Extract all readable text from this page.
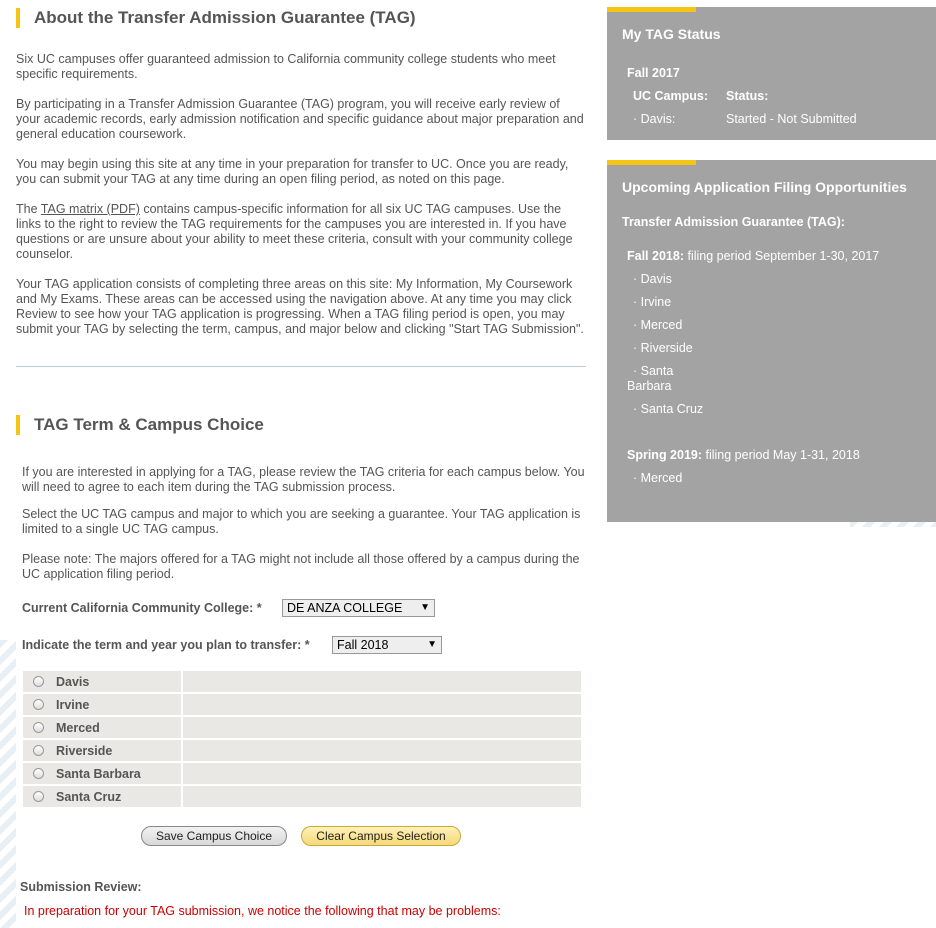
About the Transfer Admission Guarantee (TAG)

Six UC campuses offer guaranteed admission to California community college students who meet specific requirements.

By participating in a Transfer Admission Guarantee (TAG) program, you will receive early review of your academic records, early admission notification and specific guidance about major preparation and general education coursework.

You may begin using this site at any time in your preparation for transfer to UC. Once you are ready, you can submit your TAG at any time during an open filing period, as noted on this page.

The TAG matrix (PDF) contains campus-specific information for all six UC TAG campuses. Use the links to the right to review the TAG requirements for the campuses you are interested in. If you have questions or are unsure about your ability to meet these criteria, consult with your community college counselor.

Your TAG application consists of completing three areas on this site: My Information, My Coursework and My Exams. These areas can be accessed using the navigation above. At any time you may click Review to see how your TAG application is progressing. When a TAG filing period is open, you may submit your TAG by selecting the term, campus, and major below and clicking "Start TAG Submission".

TAG Term & Campus Choice

If you are interested in applying for a TAG, please review the TAG criteria for each campus below. You will need to agree to each item during the TAG submission process.

Select the UC TAG campus and major to which you are seeking a guarantee. Your TAG application is limited to a single UC TAG campus.

Please note: The majors offered for a TAG might not include all those offered by a campus during the UC application filing period.

Current California Community College: * DE ANZA COLLEGE ▼
Indicate the term and year you plan to transfer: * Fall 2018	▼
Davis
Irvine
Merced
Riverside
Santa Barbara
Santa Cruz
Save Campus Choice	Clear Campus Selection
Submission Review:
In preparation for your TAG submission, we notice the following that may be problems:
My TAG Status
Fall 2017
UC Campus: Status:
· Davis:	Started - Not Submitted
Upcoming Application Filing Opportunities
Transfer Admission Guarantee (TAG):
Fall 2018: filing period September 1-30, 2017
· Davis
· Irvine
· Merced
· Riverside
· Santa
Barbara
· Santa Cruz
Spring 2019: filing period May 1-31, 2018
· Merced
